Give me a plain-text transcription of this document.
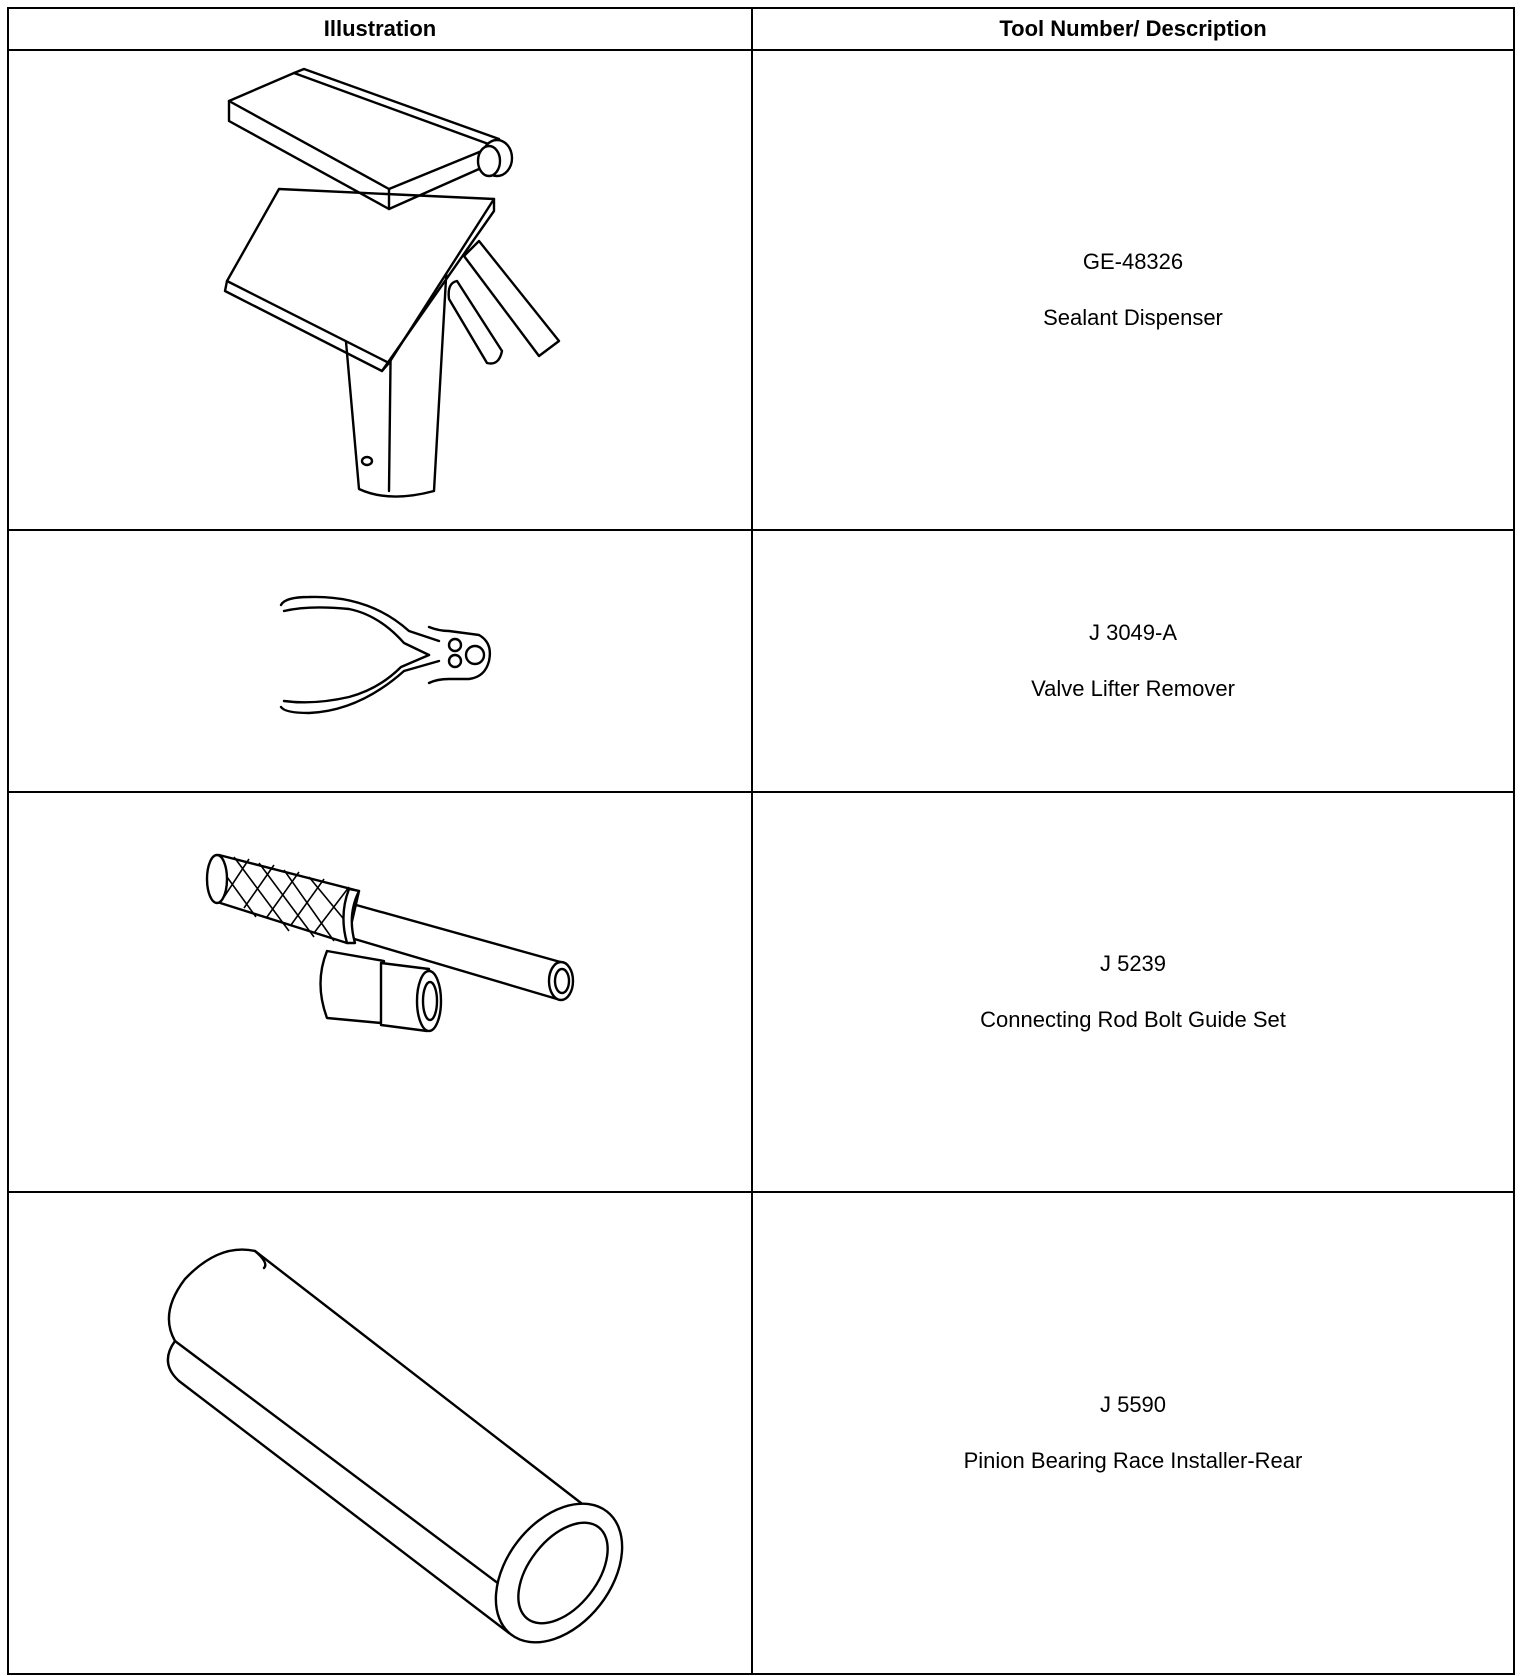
Illustration	Tool Number/ Description

GE-48326
Sealant Dispenser

J 3049-A
Valve Lifter Remover

J 5239
Connecting Rod Bolt Guide Set

J 5590
Pinion Bearing Race Installer-Rear
